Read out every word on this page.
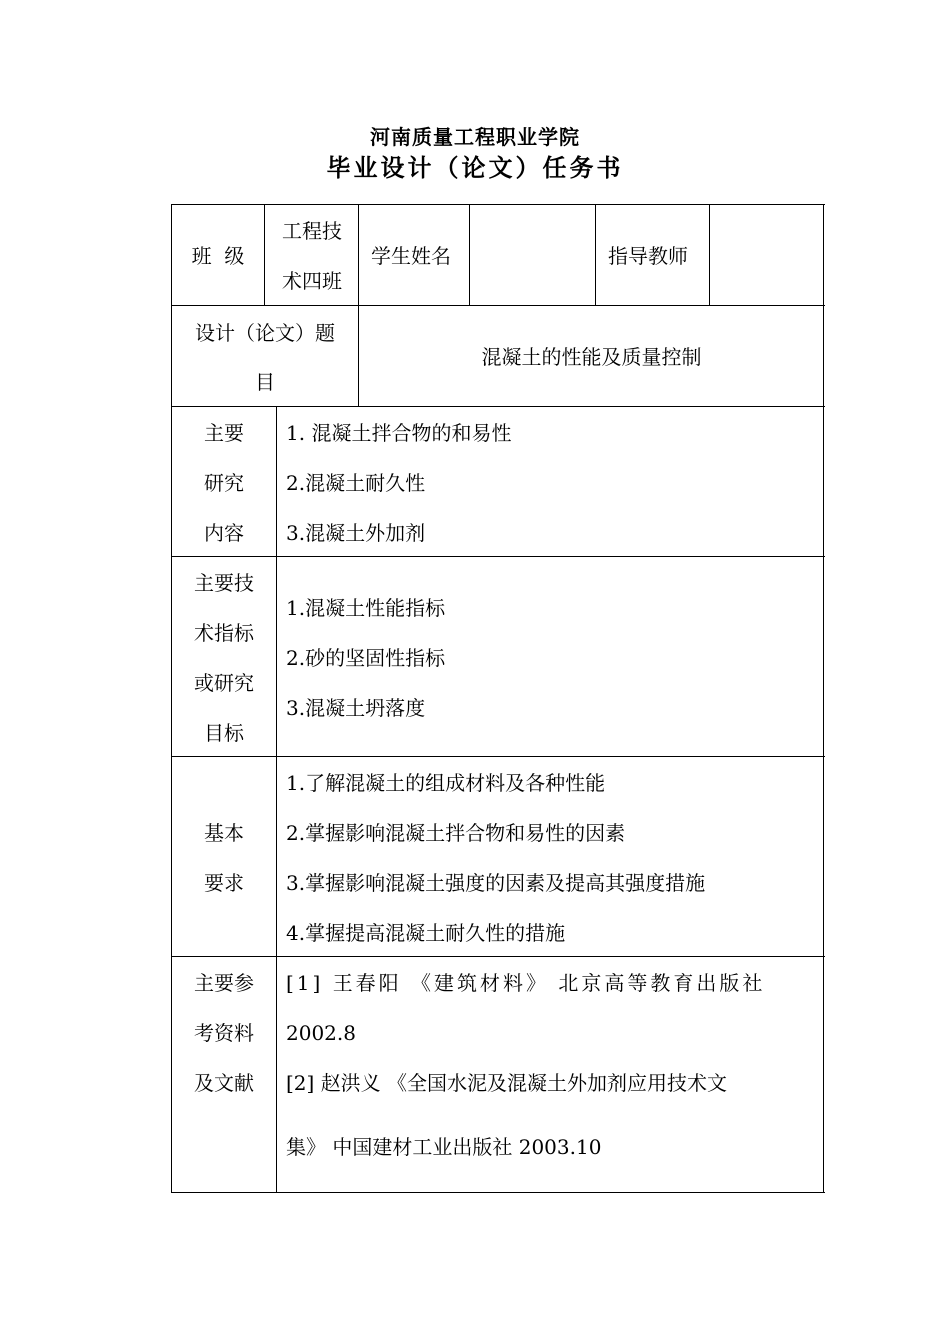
河南质量工程职业学院
毕业设计（论文）任务书
班  级
工程技
术四班
学生姓名	指导教师
设计（论文）题
目
混凝土的性能及质量控制
主要
研究
内容
1. 混凝土拌合物的和易性
2.混凝土耐久性
3.混凝土外加剂
主要技
术指标
或研究
目标
1.混凝土性能指标
2.砂的坚固性指标
3.混凝土坍落度
基本
要求
1.了解混凝土的组成材料及各种性能
2.掌握影响混凝土拌合物和易性的因素
3.掌握影响混凝土强度的因素及提高其强度措施
4.掌握提高混凝土耐久性的措施
主要参
考资料
及文献
[1] 王春阳 《建筑材料》 北京高等教育出版社
2002.8
[2] 赵洪义 《全国水泥及混凝土外加剂应用技术文
集》 中国建材工业出版社 2003.10
